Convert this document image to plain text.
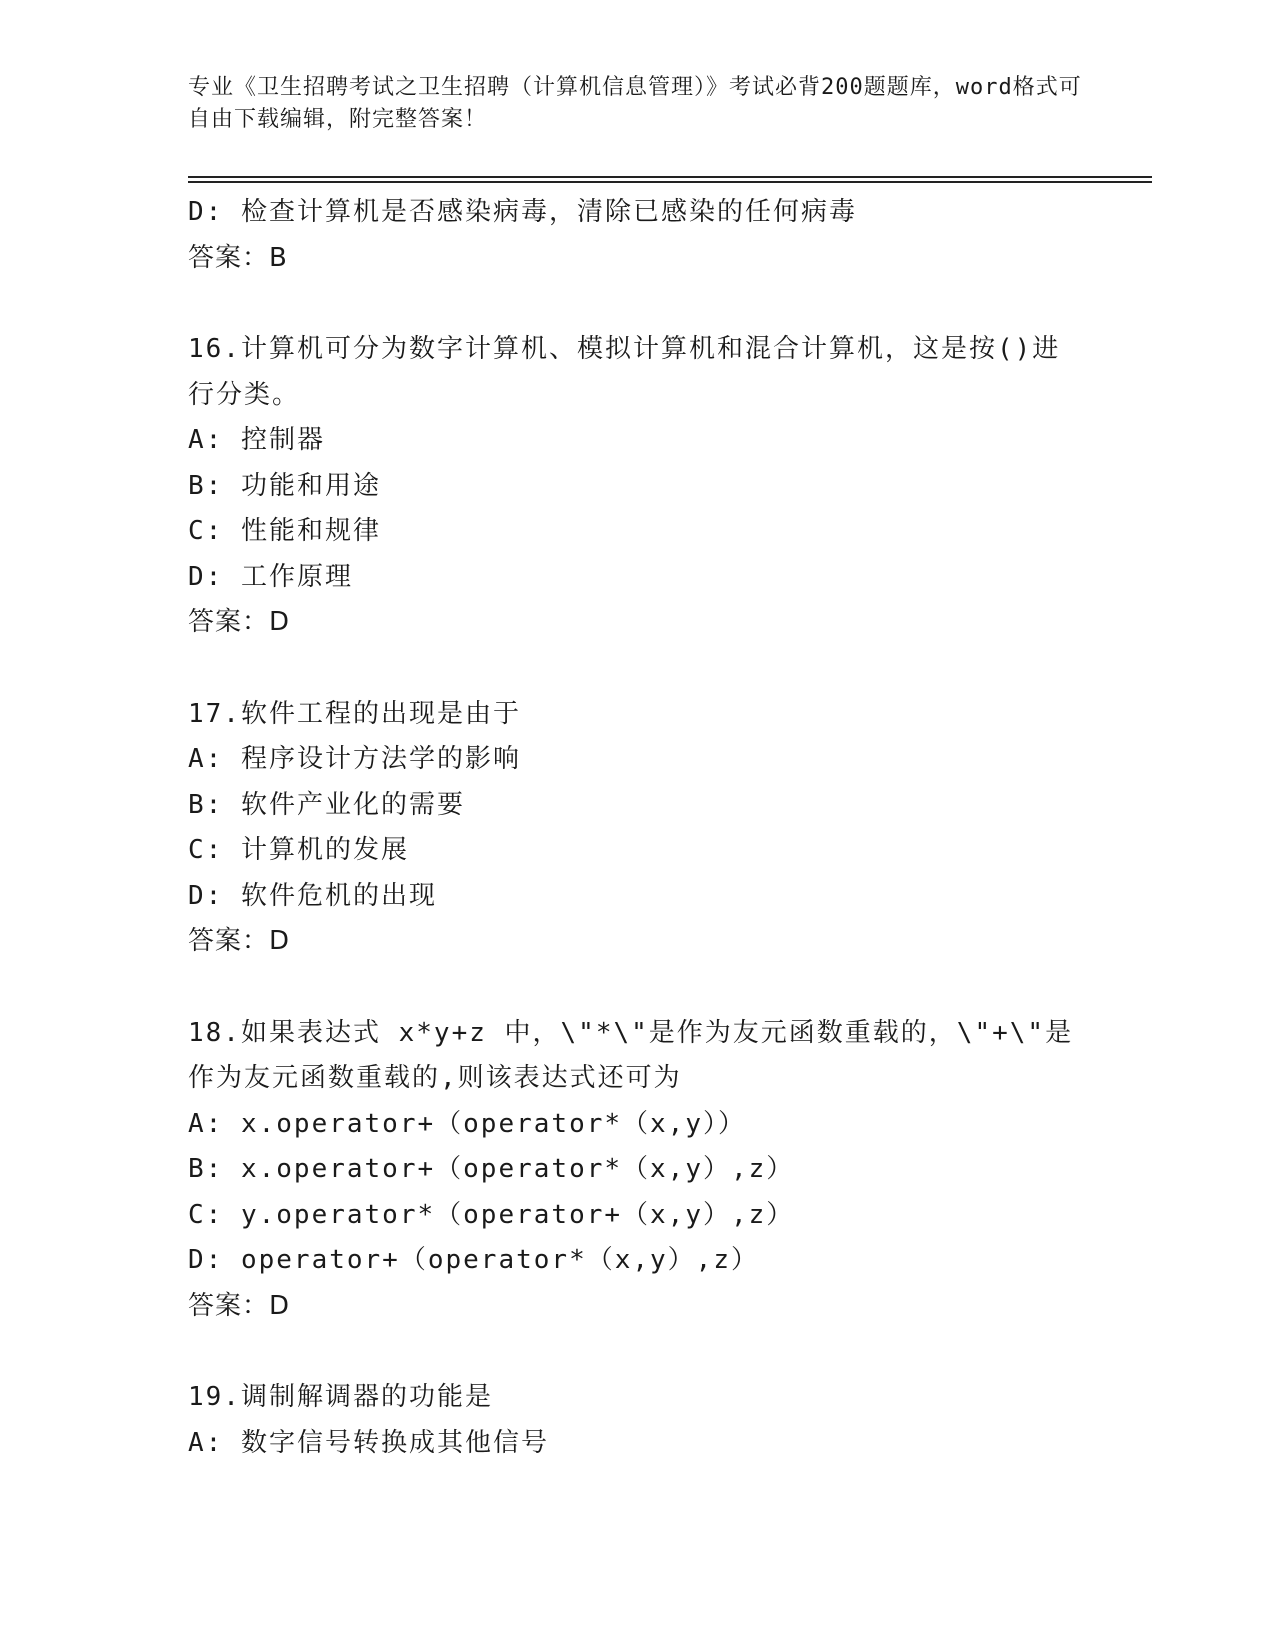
专业《卫生招聘考试之卫生招聘（计算机信息管理）》考试必背200题题库，word格式可自由下载编辑，附完整答案！
D: 检查计算机是否感染病毒，清除已感染的任何病毒
答案：B
16.计算机可分为数字计算机、模拟计算机和混合计算机，这是按()进行分类。
A: 控制器
B: 功能和用途
C: 性能和规律
D: 工作原理
答案：D
17.软件工程的出现是由于
A: 程序设计方法学的影响
B: 软件产业化的需要
C: 计算机的发展
D: 软件危机的出现
答案：D
18.如果表达式 x*y+z 中，\"*\"是作为友元函数重载的，\"+\"是作为友元函数重载的,则该表达式还可为
A: x.operator+（operator*（x,y））
B: x.operator+（operator*（x,y）,z）
C: y.operator*（operator+（x,y）,z）
D: operator+（operator*（x,y）,z）
答案：D
19.调制解调器的功能是
A: 数字信号转换成其他信号
